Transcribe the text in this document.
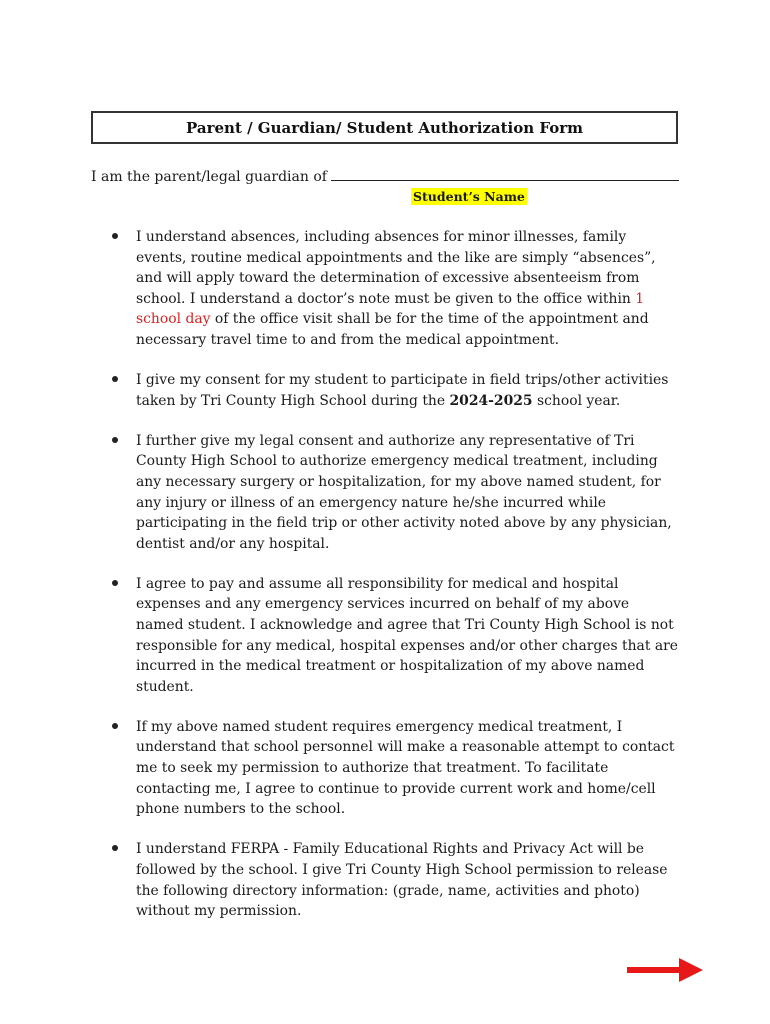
Parent / Guardian/ Student Authorization Form
I am the parent/legal guardian of
Student’s Name
I understand absences, including absences for minor illnesses, family events, routine medical appointments and the like are simply “absences”, and will apply toward the determination of excessive absenteeism from school. I understand a doctor’s note must be given to the office within 1 school day of the office visit shall be for the time of the appointment and necessary travel time to and from the medical appointment.
I give my consent for my student to participate in field trips/other activities taken by Tri County High School during the 2024-2025 school year.
I further give my legal consent and authorize any representative of Tri County High School to authorize emergency medical treatment, including any necessary surgery or hospitalization, for my above named student, for any injury or illness of an emergency nature he/she incurred while participating in the field trip or other activity noted above by any physician, dentist and/or any hospital.
I agree to pay and assume all responsibility for medical and hospital expenses and any emergency services incurred on behalf of my above named student. I acknowledge and agree that Tri County High School is not responsible for any medical, hospital expenses and/or other charges that are incurred in the medical treatment or hospitalization of my above named student.
If my above named student requires emergency medical treatment, I understand that school personnel will make a reasonable attempt to contact me to seek my permission to authorize that treatment. To facilitate contacting me, I agree to continue to provide current work and home/cell phone numbers to the school.
I understand FERPA - Family Educational Rights and Privacy Act will be followed by the school. I give Tri County High School permission to release the following directory information: (grade, name, activities and photo) without my permission.
